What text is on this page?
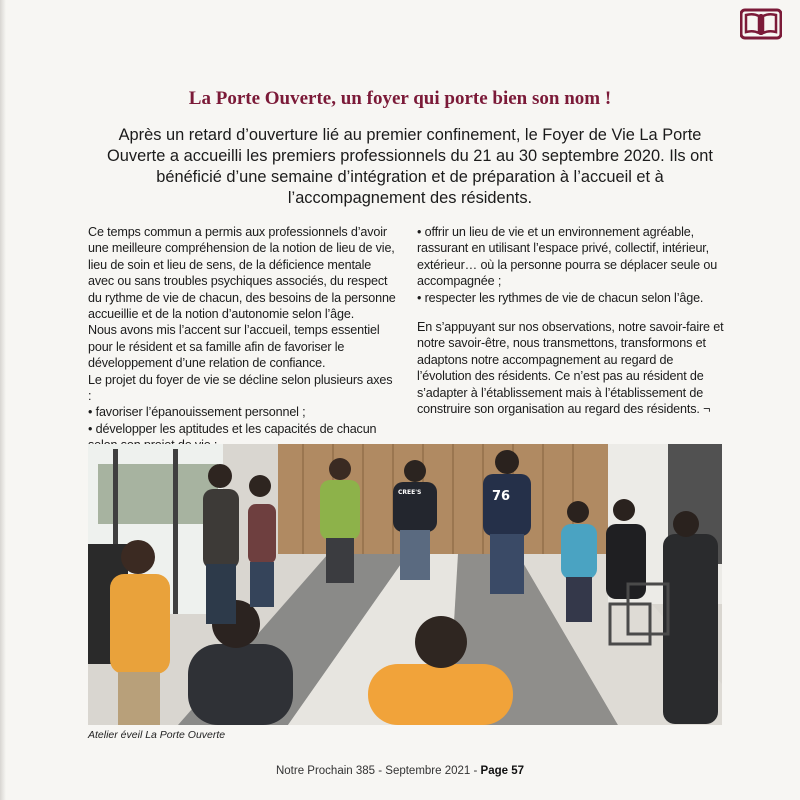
La Porte Ouverte, un foyer qui porte bien son nom !

Après un retard d’ouverture lié au premier confinement, le Foyer de Vie La Porte Ouverte a accueilli les premiers professionnels du 21 au 30 septembre 2020. Ils ont bénéficié d’une semaine d’intégration et de préparation à l’accueil et à l’accompagnement des résidents.

Ce temps commun a permis aux professionnels d’avoir une meilleure compréhension de la notion de lieu de vie, lieu de soin et lieu de sens, de la déficience mentale avec ou sans troubles psychiques associés, du respect du rythme de vie de chacun, des besoins de la personne accueillie et de la notion d’autonomie selon l’âge.

Nous avons mis l’accent sur l’accueil, temps essentiel pour le résident et sa famille afin de favoriser le développement d’une relation de confiance.

Le projet du foyer de vie se décline selon plusieurs axes :

• favoriser l’épanouissement personnel ;

• développer les aptitudes et les capacités de chacun

• offrir un lieu de vie et un environnement agréable, rassurant en utilisant l’espace privé, collectif, intérieur, extérieur… où la personne pourra se déplacer seule ou accompagnée ;

• respecter les rythmes de vie de chacun selon l’âge.

En s’appuyant sur nos observations, notre savoir-faire et notre savoir-être, nous transmettons, transformons et adaptons notre accompagnement au regard de l’évolution des résidents. Ce n’est pas au résident de s’adapter à l’établissement mais à l’établissement de construire son organisation au regard des résidents. ¬

76
CREE'S
Atelier éveil La Porte Ouverte
Notre Prochain 385 - Septembre 2021 - Page 57
